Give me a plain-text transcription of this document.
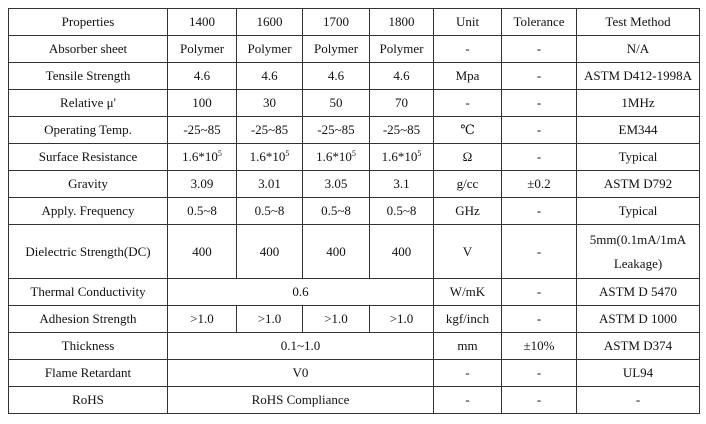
Properties	1400	1600	1700	1800	Unit	Tolerance	Test Method
Absorber sheet	Polymer	Polymer	Polymer	Polymer	-	-	N/A
Tensile Strength	4.6	4.6	4.6	4.6	Mpa	-	ASTM D412-1998A
Relative μ'	100	30	50	70	-	-	1MHz
Operating Temp.	-25~85	-25~85	-25~85	-25~85	℃	-	EM344
Surface Resistance	$1.6*10^5$	$1.6*10^5$	$1.6*10^5$	$1.6*10^5$	Ω	-	Typical
Gravity	3.09	3.01	3.05	3.1	g/cc	±0.2	ASTM D792
Apply. Frequency	0.5~8	0.5~8	0.5~8	0.5~8	GHz	-	Typical
Dielectric Strength(DC)	400	400	400	400	V	-	5mm(0.1mA/1mA
Leakage)
Thermal Conductivity	0.6				W/mK	-	ASTM D 5470
Adhesion Strength	>1.0	>1.0	>1.0	>1.0	kgf/inch	-	ASTM D 1000
Thickness	0.1~1.0				mm	±10%	ASTM D374
Flame Retardant	V0				-	-	UL94
RoHS	RoHS Compliance				-	-	-
